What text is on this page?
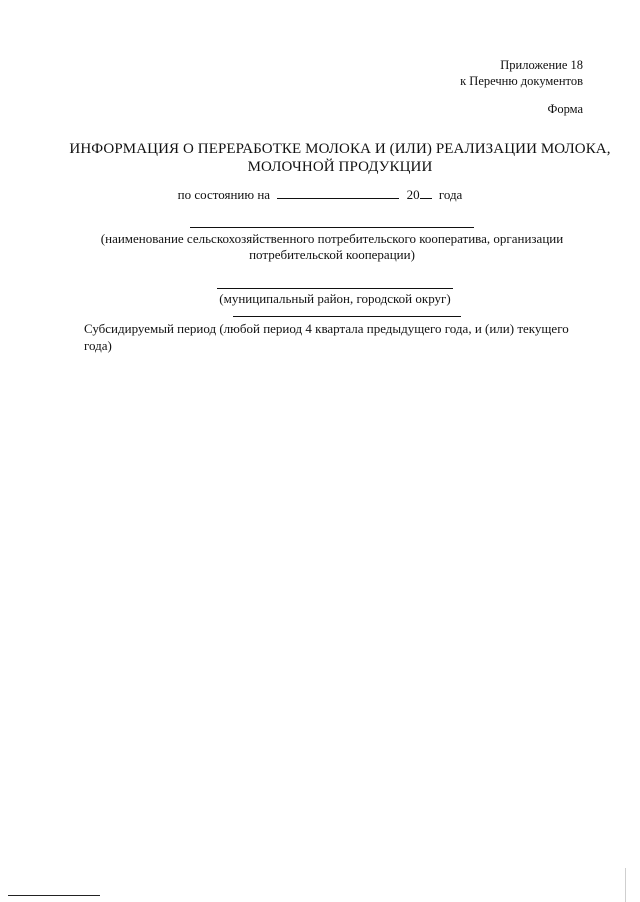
Приложение 18
к Перечню документов
Форма
ИНФОРМАЦИЯ О ПЕРЕРАБОТКЕ МОЛОКА И (ИЛИ) РЕАЛИЗАЦИИ МОЛОКА,
МОЛОЧНОЙ ПРОДУКЦИИ
по состоянию на	20 года
(наименование сельскохозяйственного потребительского кооператива, организации
потребительской кооперации)
(муниципальный район, городской округ)
Субсидируемый период (любой период 4 квартала предыдущего года, и (или) текущего
года)
